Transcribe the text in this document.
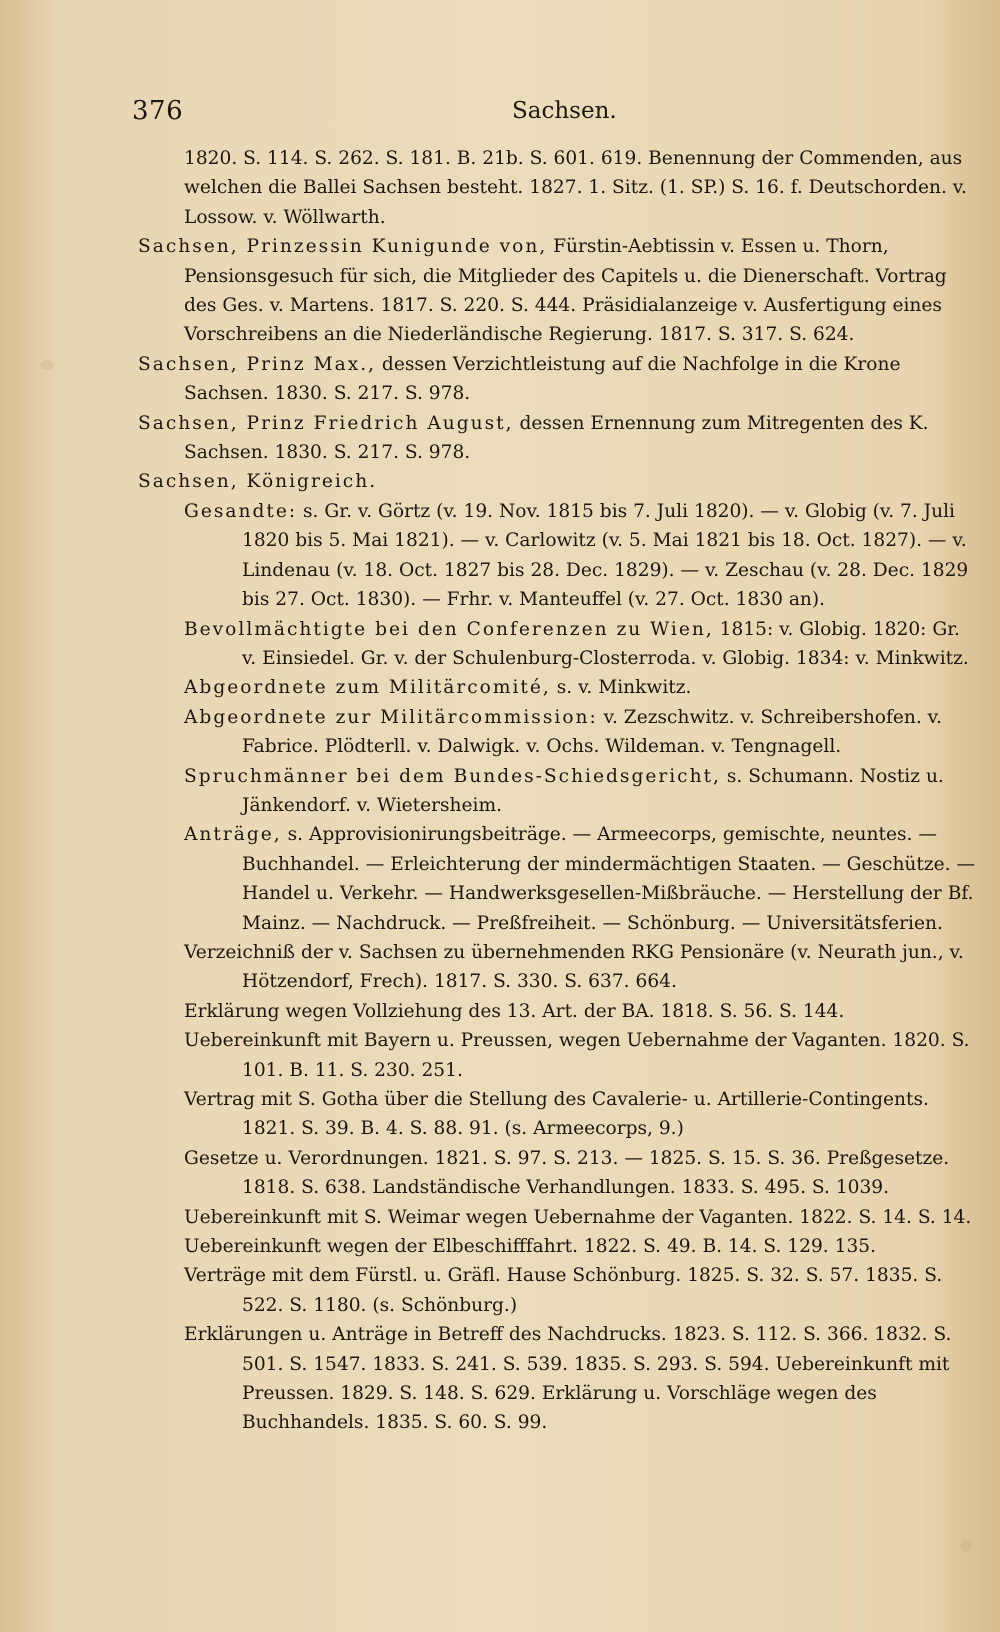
376	Sachsen.

1820. S. 114. S. 262. S. 181. B. 21b. S. 601. 619. Benennung der Commenden, aus welchen die Ballei Sachsen besteht. 1827. 1. Sitz. (1. SP.) S. 16. f. Deutschorden. v. Lossow. v. Wöllwarth.

Sachsen, Prinzessin Kunigunde von, Fürstin-Aebtissin v. Essen u. Thorn, Pensionsgesuch für sich, die Mitglieder des Capitels u. die Dienerschaft. Vortrag des Ges. v. Martens. 1817. S. 220. S. 444. Präsidialanzeige v. Ausfertigung eines Vorschreibens an die Niederländische Regierung. 1817. S. 317. S. 624.

Sachsen, Prinz Max., dessen Verzichtleistung auf die Nachfolge in die Krone Sachsen. 1830. S. 217. S. 978.

Sachsen, Prinz Friedrich August, dessen Ernennung zum Mitregenten des K. Sachsen. 1830. S. 217. S. 978.

Sachsen, Königreich.

Gesandte: s. Gr. v. Görtz (v. 19. Nov. 1815 bis 7. Juli 1820). — v. Globig (v. 7. Juli 1820 bis 5. Mai 1821). — v. Carlowitz (v. 5. Mai 1821 bis 18. Oct. 1827). — v. Lindenau (v. 18. Oct. 1827 bis 28. Dec. 1829). — v. Zeschau (v. 28. Dec. 1829 bis 27. Oct. 1830). — Frhr. v. Manteuffel (v. 27. Oct. 1830 an).

Bevollmächtigte bei den Conferenzen zu Wien, 1815: v. Globig. 1820: Gr. v. Einsiedel. Gr. v. der Schulenburg-Closterroda. v. Globig. 1834: v. Minkwitz.

Abgeordnete zum Militärcomité, s. v. Minkwitz.

Abgeordnete zur Militärcommission: v. Zezschwitz. v. Schreibershofen. v. Fabrice. Plödterll. v. Dalwigk. v. Ochs. Wildeman. v. Tengnagell.

Spruchmänner bei dem Bundes-Schiedsgericht, s. Schumann. Nostiz u. Jänkendorf. v. Wietersheim.

Anträge, s. Approvisionirungsbeiträge. — Armeecorps, gemischte, neuntes. — Buchhandel. — Erleichterung der mindermächtigen Staaten. — Geschütze. — Handel u. Verkehr. — Handwerksgesellen-Mißbräuche. — Herstellung der Bf. Mainz. — Nachdruck. — Preßfreiheit. — Schönburg. — Universitätsferien.

Verzeichniß der v. Sachsen zu übernehmenden RKG Pensionäre (v. Neurath jun., v. Hötzendorf, Frech). 1817. S. 330. S. 637. 664.

Erklärung wegen Vollziehung des 13. Art. der BA. 1818. S. 56. S. 144.

Uebereinkunft mit Bayern u. Preussen, wegen Uebernahme der Vaganten. 1820. S. 101. B. 11. S. 230. 251.

Vertrag mit S. Gotha über die Stellung des Cavalerie- u. Artillerie-Contingents. 1821. S. 39. B. 4. S. 88. 91. (s. Armeecorps, 9.)

Gesetze u. Verordnungen. 1821. S. 97. S. 213. — 1825. S. 15. S. 36. Preßgesetze. 1818. S. 638. Landständische Verhandlungen. 1833. S. 495. S. 1039.

Uebereinkunft mit S. Weimar wegen Uebernahme der Vaganten. 1822. S. 14. S. 14.

Uebereinkunft wegen der Elbeschifffahrt. 1822. S. 49. B. 14. S. 129. 135.

Verträge mit dem Fürstl. u. Gräfl. Hause Schönburg. 1825. S. 32. S. 57. 1835. S. 522. S. 1180. (s. Schönburg.)

Erklärungen u. Anträge in Betreff des Nachdrucks. 1823. S. 112. S. 366. 1832. S. 501. S. 1547. 1833. S. 241. S. 539. 1835. S. 293. S. 594. Uebereinkunft mit Preussen. 1829. S. 148. S. 629. Erklärung u. Vorschläge wegen des Buchhandels. 1835. S. 60. S. 99.
